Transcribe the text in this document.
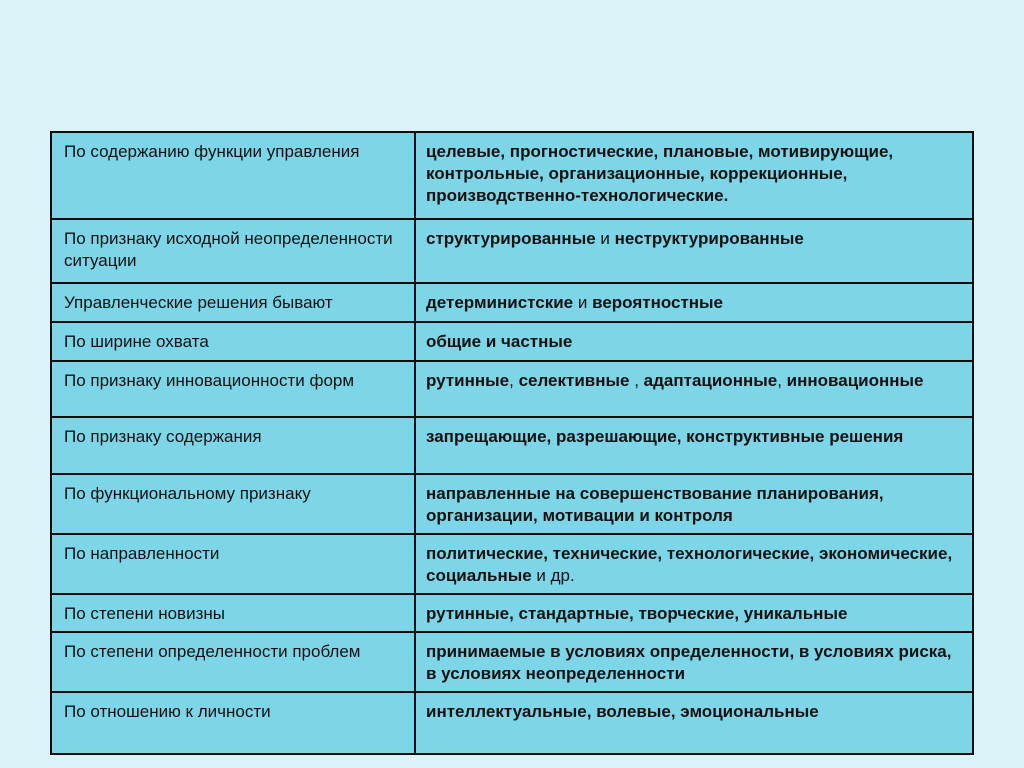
По содержанию функции управления	целевые, прогностические, плановые, мотивирующие, контрольные, организационные, коррекционные, производственно-технологические.
По признаку исходной неопределенности ситуации	структурированные и неструктурированные
Управленческие решения бывают	детерминистские и вероятностные
По ширине охвата	общие и частные
По признаку инновационности форм	рутинные, селективные , адаптационные, инновационные
По признаку содержания	запрещающие, разрешающие, конструктивные решения
По функциональному признаку	направленные на совершенствование планирования, организации, мотивации и контроля
По направленности	политические, технические, технологические, экономические, социальные и др.
По степени новизны	рутинные, стандартные, творческие, уникальные
По степени определенности проблем	принимаемые в условиях определенности, в условиях риска, в условиях неопределенности
По отношению к личности	интеллектуальные, волевые, эмоциональные
